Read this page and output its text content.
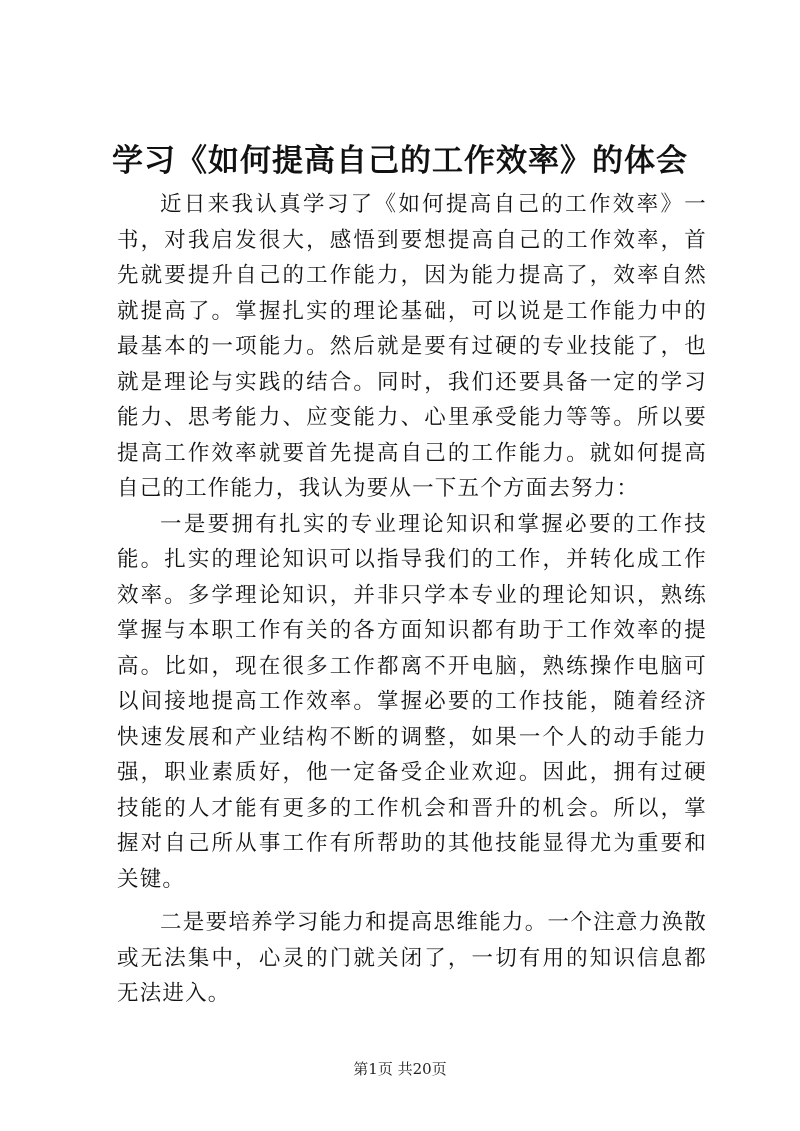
学习《如何提高自己的工作效率》的体会

近日来我认真学习了《如何提高自己的工作效率》一书，对我启发很大，感悟到要想提高自己的工作效率，首先就要提升自己的工作能力，因为能力提高了，效率自然就提高了。掌握扎实的理论基础，可以说是工作能力中的最基本的一项能力。然后就是要有过硬的专业技能了，也就是理论与实践的结合。同时，我们还要具备一定的学习能力、思考能力、应变能力、心里承受能力等等。所以要提高工作效率就要首先提高自己的工作能力。就如何提高自己的工作能力，我认为要从一下五个方面去努力：

一是要拥有扎实的专业理论知识和掌握必要的工作技能。扎实的理论知识可以指导我们的工作，并转化成工作效率。多学理论知识，并非只学本专业的理论知识，熟练掌握与本职工作有关的各方面知识都有助于工作效率的提高。比如，现在很多工作都离不开电脑，熟练操作电脑可以间接地提高工作效率。掌握必要的工作技能，随着经济快速发展和产业结构不断的调整，如果一个人的动手能力强，职业素质好，他一定备受企业欢迎。因此，拥有过硬技能的人才能有更多的工作机会和晋升的机会。所以，掌握对自己所从事工作有所帮助的其他技能显得尤为重要和关键。

二是要培养学习能力和提高思维能力。一个注意力涣散或无法集中，心灵的门就关闭了，一切有用的知识信息都无法进入。

第1页 共20页
